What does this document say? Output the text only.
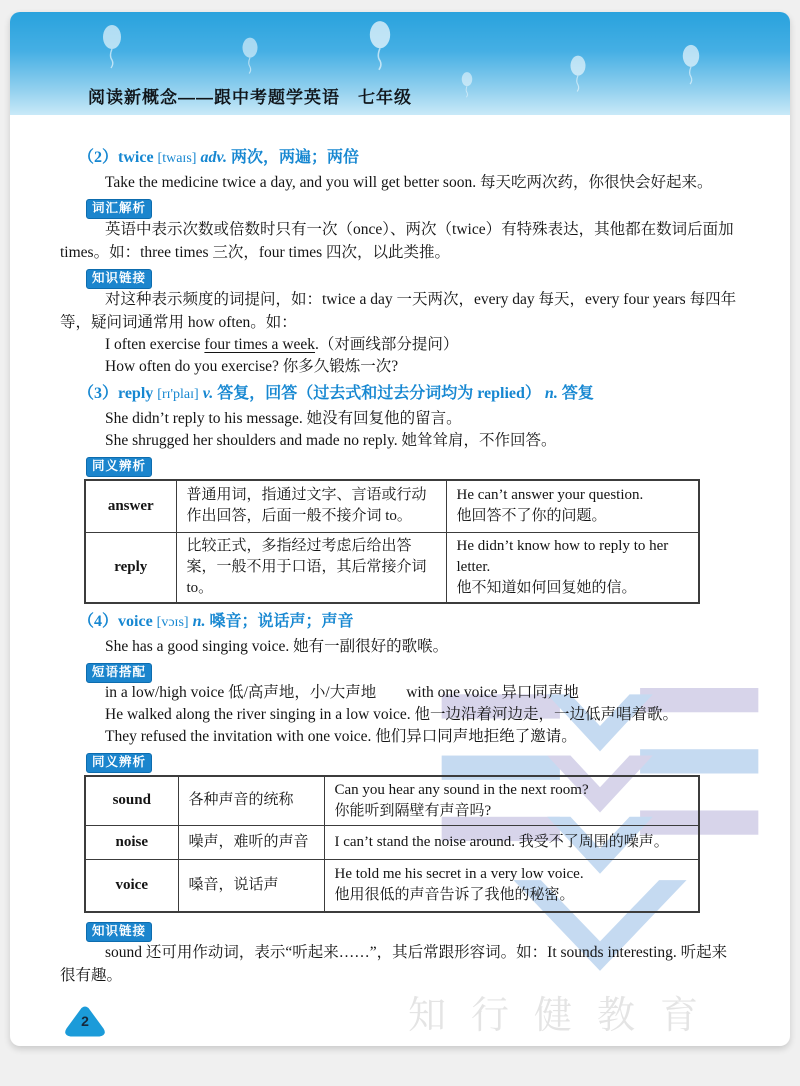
阅读新概念——跟中考题学英语　七年级
知行健教育
（2）twice [twaɪs] adv. 两次，两遍；两倍

Take the medicine twice a day, and you will get better soon. 每天吃两次药，你很快会好起来。

词汇解析

英语中表示次数或倍数时只有一次（once）、两次（twice）有特殊表达，其他都在数词后面加times。如：three times 三次，four times 四次，以此类推。

知识链接

对这种表示频度的词提问，如：twice a day 一天两次，every day 每天，every four years 每四年等，疑问词通常用 how often。如：

I often exercise four times a week.（对画线部分提问）

How often do you exercise? 你多久锻炼一次?

（3）reply [rɪ'plaɪ] v. 答复，回答（过去式和过去分词均为 replied） n. 答复

She didn’t reply to his message. 她没有回复他的留言。

She shrugged her shoulders and made no reply. 她耸耸肩，不作回答。

同义辨析
answer	普通用词，指通过文字、言语或行动作出回答，后面一般不接介词 to。	He can’t answer your question.
他回答不了你的问题。

reply	比较正式，多指经过考虑后给出答案，一般不用于口语，其后常接介词 to。	He didn’t know how to reply to her letter.
他不知道如何回复她的信。
（4）voice [vɔɪs] n. 嗓音；说话声；声音

She has a good singing voice. 她有一副很好的歌喉。

短语搭配

in a low/high voice 低/高声地，小/大声地 with one voice 异口同声地

He walked along the river singing in a low voice. 他一边沿着河边走，一边低声唱着歌。

They refused the invitation with one voice. 他们异口同声地拒绝了邀请。

同义辨析
sound	各种声音的统称	Can you hear any sound in the next room?
你能听到隔壁有声音吗?

noise	噪声，难听的声音	I can’t stand the noise around. 我受不了周围的噪声。
voice	嗓音，说话声	He told me his secret in a very low voice.
他用很低的声音告诉了我他的秘密。
知识链接

sound 还可用作动词，表示“听起来……”，其后常跟形容词。如：It sounds interesting. 听起来很有趣。

2
